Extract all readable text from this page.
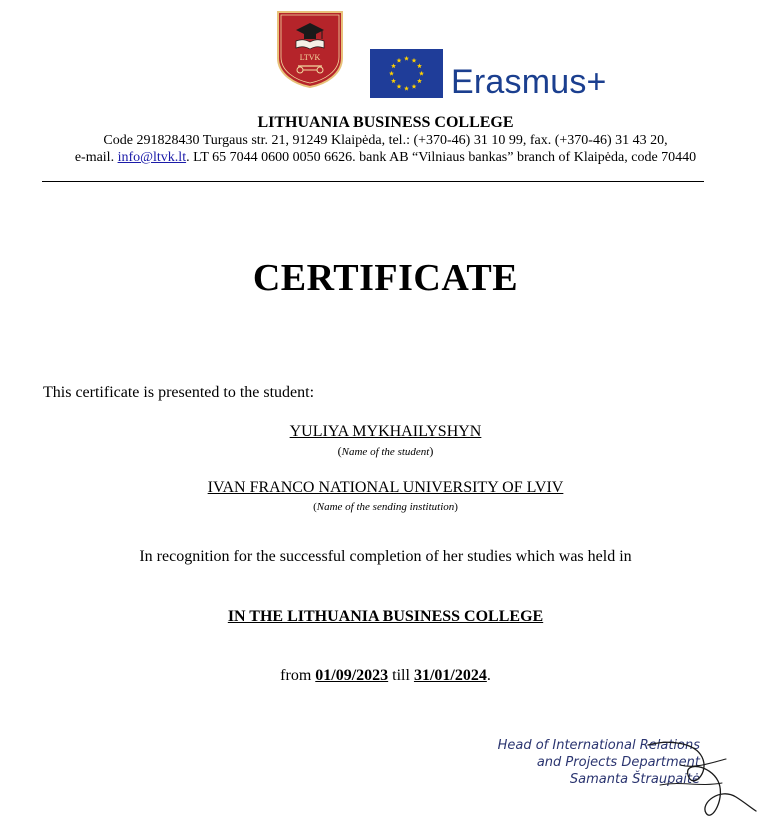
LTVK
Erasmus+
LITHUANIA BUSINESS COLLEGE
Code 291828430 Turgaus str. 21, 91249 Klaipėda, tel.: (+370-46) 31 10 99, fax. (+370-46) 31 43 20,
e-mail. info@ltvk.lt. LT 65 7044 0600 0050 6626. bank AB “Vilniaus bankas” branch of Klaipėda, code 70440
CERTIFICATE
This certificate is presented to the student:
YULIYA MYKHAILYSHYN
(Name of the student)
IVAN FRANCO NATIONAL UNIVERSITY OF LVIV
(Name of the sending institution)
In recognition for the successful completion of her studies which was held in
IN THE LITHUANIA BUSINESS COLLEGE
from 01/09/2023 till 31/01/2024.
Head of International Relations
and Projects Department
Samanta Štraupaitė
